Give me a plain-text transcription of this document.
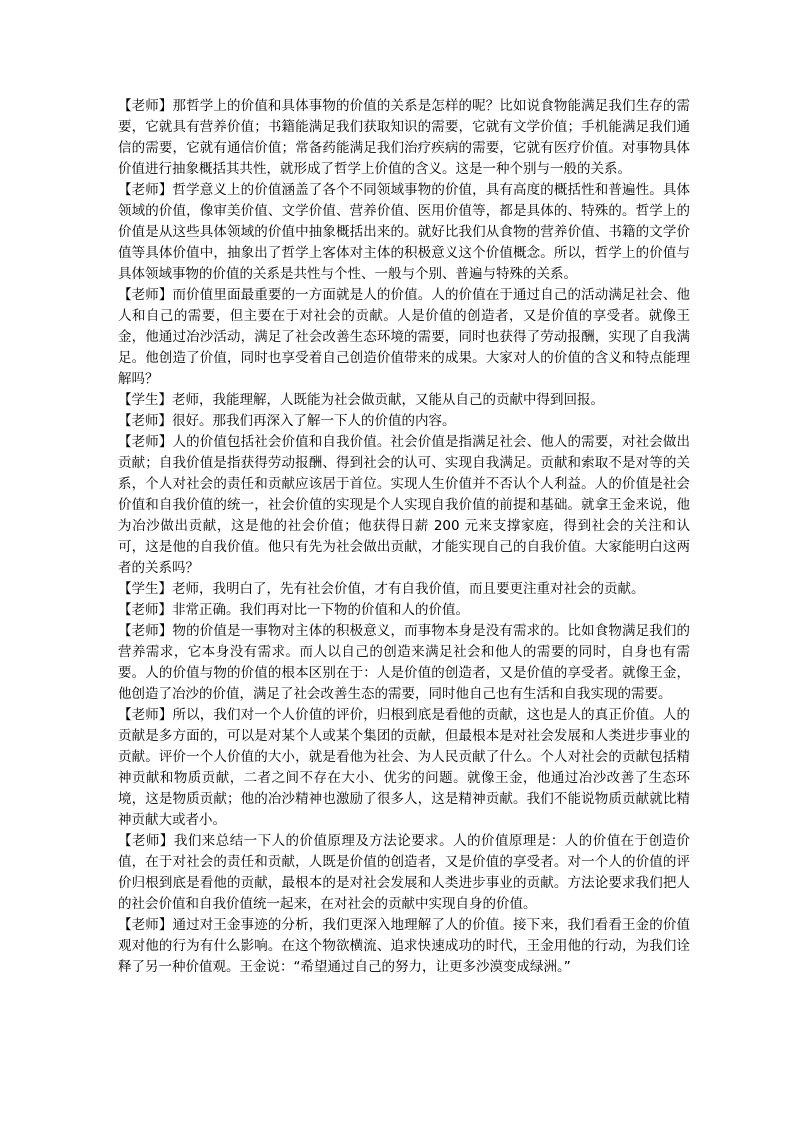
【老师】那哲学上的价值和具体事物的价值的关系是怎样的呢？比如说食物能满足我们生存的需要，它就具有营养价值；书籍能满足我们获取知识的需要，它就有文学价值；手机能满足我们通信的需要，它就有通信价值；常备药能满足我们治疗疾病的需要，它就有医疗价值。对事物具体价值进行抽象概括其共性，就形成了哲学上价值的含义。这是一种个别与一般的关系。

【老师】哲学意义上的价值涵盖了各个不同领域事物的价值，具有高度的概括性和普遍性。具体领域的价值，像审美价值、文学价值、营养价值、医用价值等，都是具体的、特殊的。哲学上的价值是从这些具体领域的价值中抽象概括出来的。就好比我们从食物的营养价值、书籍的文学价值等具体价值中，抽象出了哲学上客体对主体的积极意义这个价值概念。所以，哲学上的价值与具体领域事物的价值的关系是共性与个性、一般与个别、普遍与特殊的关系。

【老师】而价值里面最重要的一方面就是人的价值。人的价值在于通过自己的活动满足社会、他人和自己的需要，但主要在于对社会的贡献。人是价值的创造者，又是价值的享受者。就像王金，他通过冶沙活动，满足了社会改善生态环境的需要，同时也获得了劳动报酬，实现了自我满足。他创造了价值，同时也享受着自己创造价值带来的成果。大家对人的价值的含义和特点能理解吗？

【学生】老师，我能理解，人既能为社会做贡献，又能从自己的贡献中得到回报。

【老师】很好。那我们再深入了解一下人的价值的内容。

【老师】人的价值包括社会价值和自我价值。社会价值是指满足社会、他人的需要，对社会做出贡献；自我价值是指获得劳动报酬、得到社会的认可、实现自我满足。贡献和索取不是对等的关系，个人对社会的责任和贡献应该居于首位。实现人生价值并不否认个人利益。人的价值是社会价值和自我价值的统一，社会价值的实现是个人实现自我价值的前提和基础。就拿王金来说，他为冶沙做出贡献，这是他的社会价值；他获得日薪 200 元来支撑家庭，得到社会的关注和认可，这是他的自我价值。他只有先为社会做出贡献，才能实现自己的自我价值。大家能明白这两者的关系吗？

【学生】老师，我明白了，先有社会价值，才有自我价值，而且要更注重对社会的贡献。

【老师】非常正确。我们再对比一下物的价值和人的价值。

【老师】物的价值是一事物对主体的积极意义，而事物本身是没有需求的。比如食物满足我们的营养需求，它本身没有需求。而人以自己的创造来满足社会和他人的需要的同时，自身也有需要。人的价值与物的价值的根本区别在于：人是价值的创造者，又是价值的享受者。就像王金，他创造了冶沙的价值，满足了社会改善生态的需要，同时他自己也有生活和自我实现的需要。

【老师】所以，我们对一个人价值的评价，归根到底是看他的贡献，这也是人的真正价值。人的贡献是多方面的，可以是对某个人或某个集团的贡献，但最根本是对社会发展和人类进步事业的贡献。评价一个人价值的大小，就是看他为社会、为人民贡献了什么。个人对社会的贡献包括精神贡献和物质贡献，二者之间不存在大小、优劣的问题。就像王金，他通过冶沙改善了生态环境，这是物质贡献；他的冶沙精神也激励了很多人，这是精神贡献。我们不能说物质贡献就比精神贡献大或者小。

【老师】我们来总结一下人的价值原理及方法论要求。人的价值原理是：人的价值在于创造价值，在于对社会的责任和贡献，人既是价值的创造者，又是价值的享受者。对一个人的价值的评价归根到底是看他的贡献，最根本的是对社会发展和人类进步事业的贡献。方法论要求我们把人的社会价值和自我价值统一起来，在对社会的贡献中实现自身的价值。

【老师】通过对王金事迹的分析，我们更深入地理解了人的价值。接下来，我们看看王金的价值观对他的行为有什么影响。在这个物欲横流、追求快速成功的时代，王金用他的行动，为我们诠释了另一种价值观。王金说：“希望通过自己的努力，让更多沙漠变成绿洲。”
